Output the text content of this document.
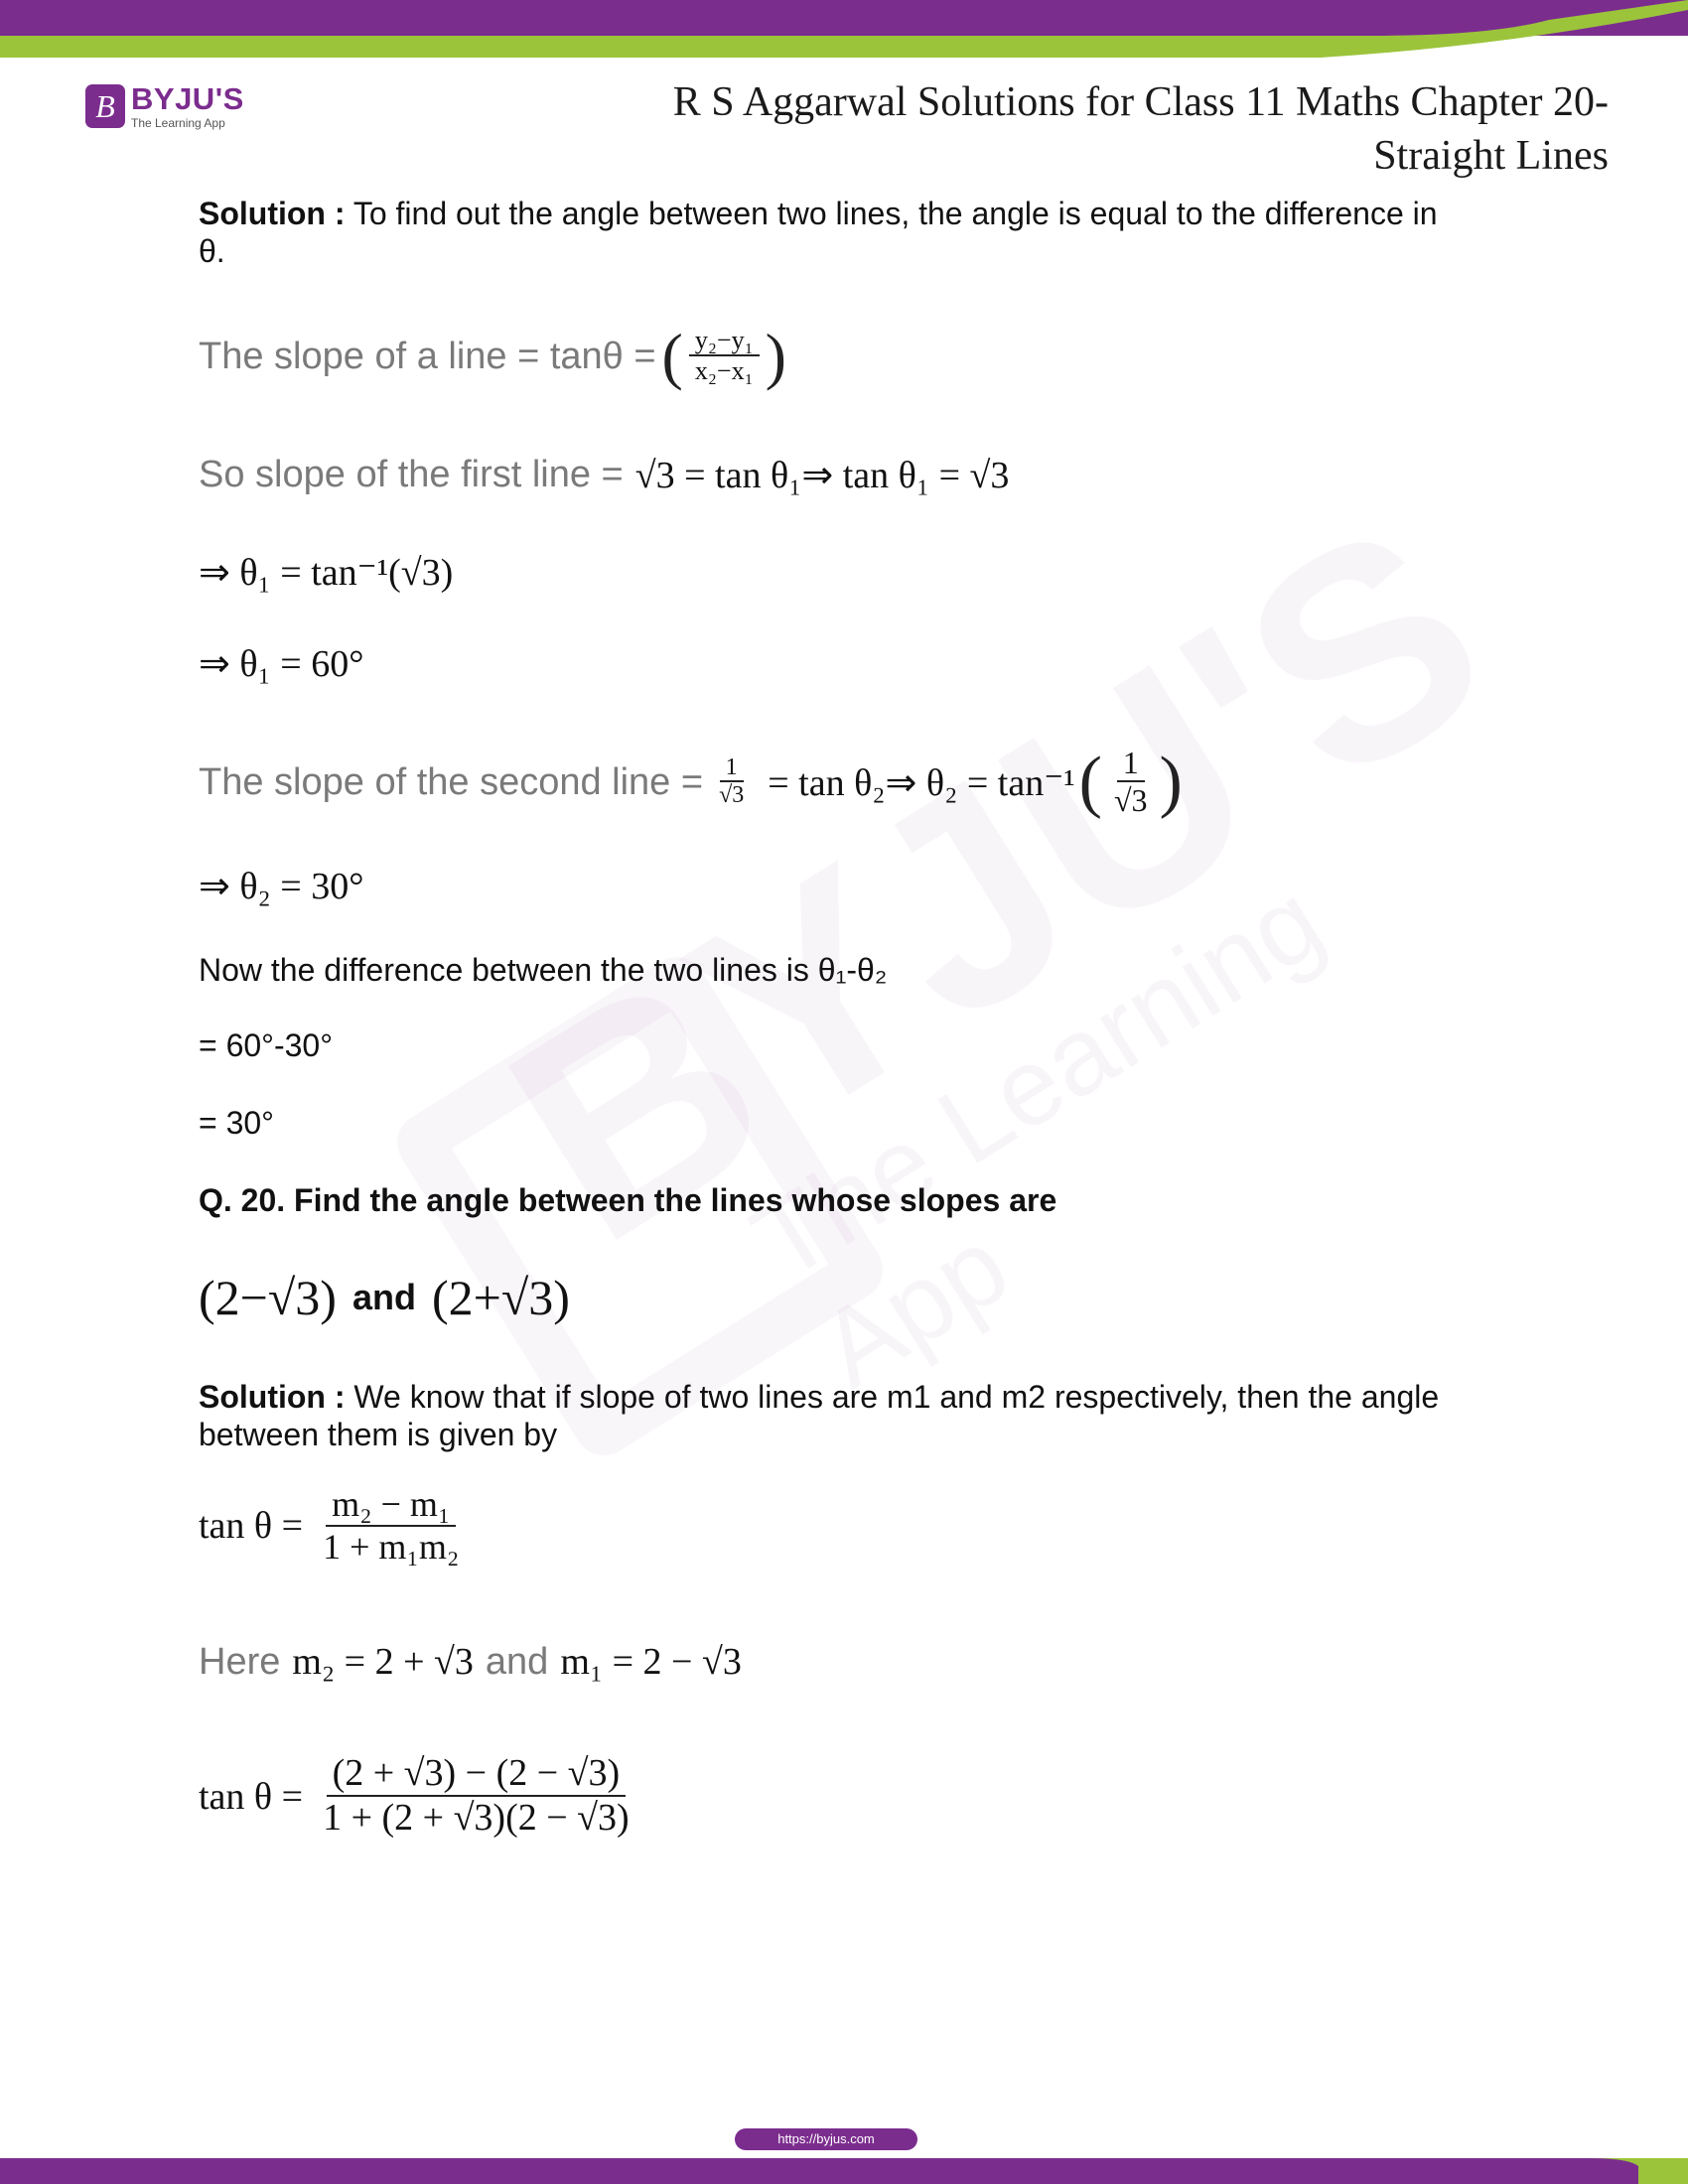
B BYJU'S
The Learning App	R S Aggarwal Solutions for Class 11 Maths Chapter 20-
Straight Lines
Solution : To find out the angle between two lines, the angle is equal to the difference in θ.
The slope of a line = tanθ = ( $\frac{\text{y₂−y₁}}{\text{x₂−x₁}}$ )
So slope of the first line = √3 = tan θ₁⇒ tan θ₁ = √3
⇒ θ₁ = tan⁻¹(√3)
⇒ θ₁ = 60°
The slope of the second line = $\frac{1}{√3} = \tan$ θ₂⇒ θ₂ = tan⁻¹ ( $\frac{1}{√3}$ )
⇒ θ₂ = 30°
Now the difference between the two lines is θ₁-θ₂
= 60°-30°
= 30°
Q. 20. Find the angle between the lines whose slopes are
(2−√3) and (2+√3)
Solution : We know that if slope of two lines are m1 and m2 respectively, then the angle between them is given by
$\tan \theta = \frac{\text{m₂ − m₁}}{\text{1 + m₁m₂}}$
Here m₂ = 2 + √3 and m₁ = 2 − √3
$\tan \theta = \frac{(2 + √3) - (2 - √3)}{1 + (2 + √3)(2 - √3)}$
https://byjus.com
